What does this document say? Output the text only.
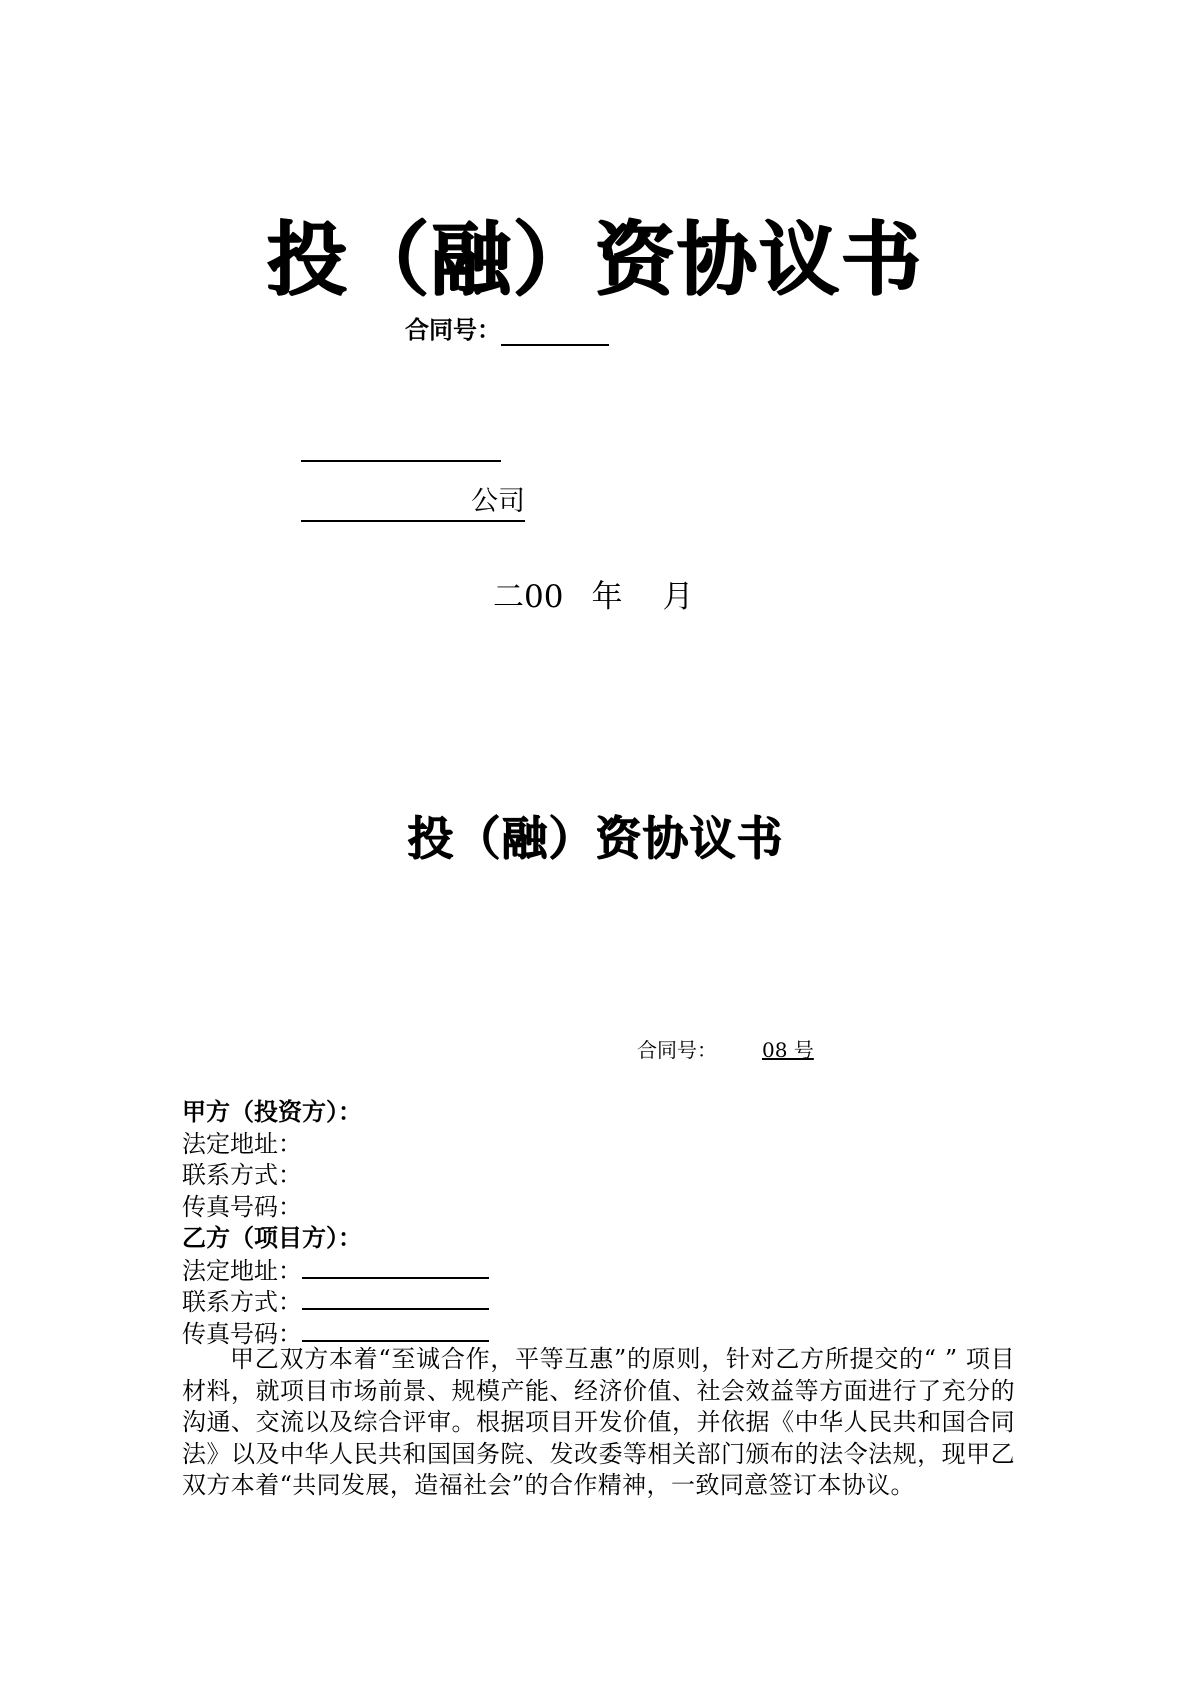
投（融）资协议书
合同号：
公司
二00 年 月
投（融）资协议书
合同号： 08 号
甲方（投资方）：
法定地址：
联系方式：
传真号码：
乙方（项目方）：
法定地址：
联系方式：
传真号码：
甲乙双方本着“至诚合作，平等互惠”的原则，针对乙方所提交的“ ” 项目材料，就项目市场前景、规模产能、经济价值、社会效益等方面进行了充分的沟通、交流以及综合评审。根据项目开发价值，并依据《中华人民共和国合同法》以及中华人民共和国国务院、发改委等相关部门颁布的法令法规，现甲乙双方本着“共同发展，造福社会”的合作精神，一致同意签订本协议。
